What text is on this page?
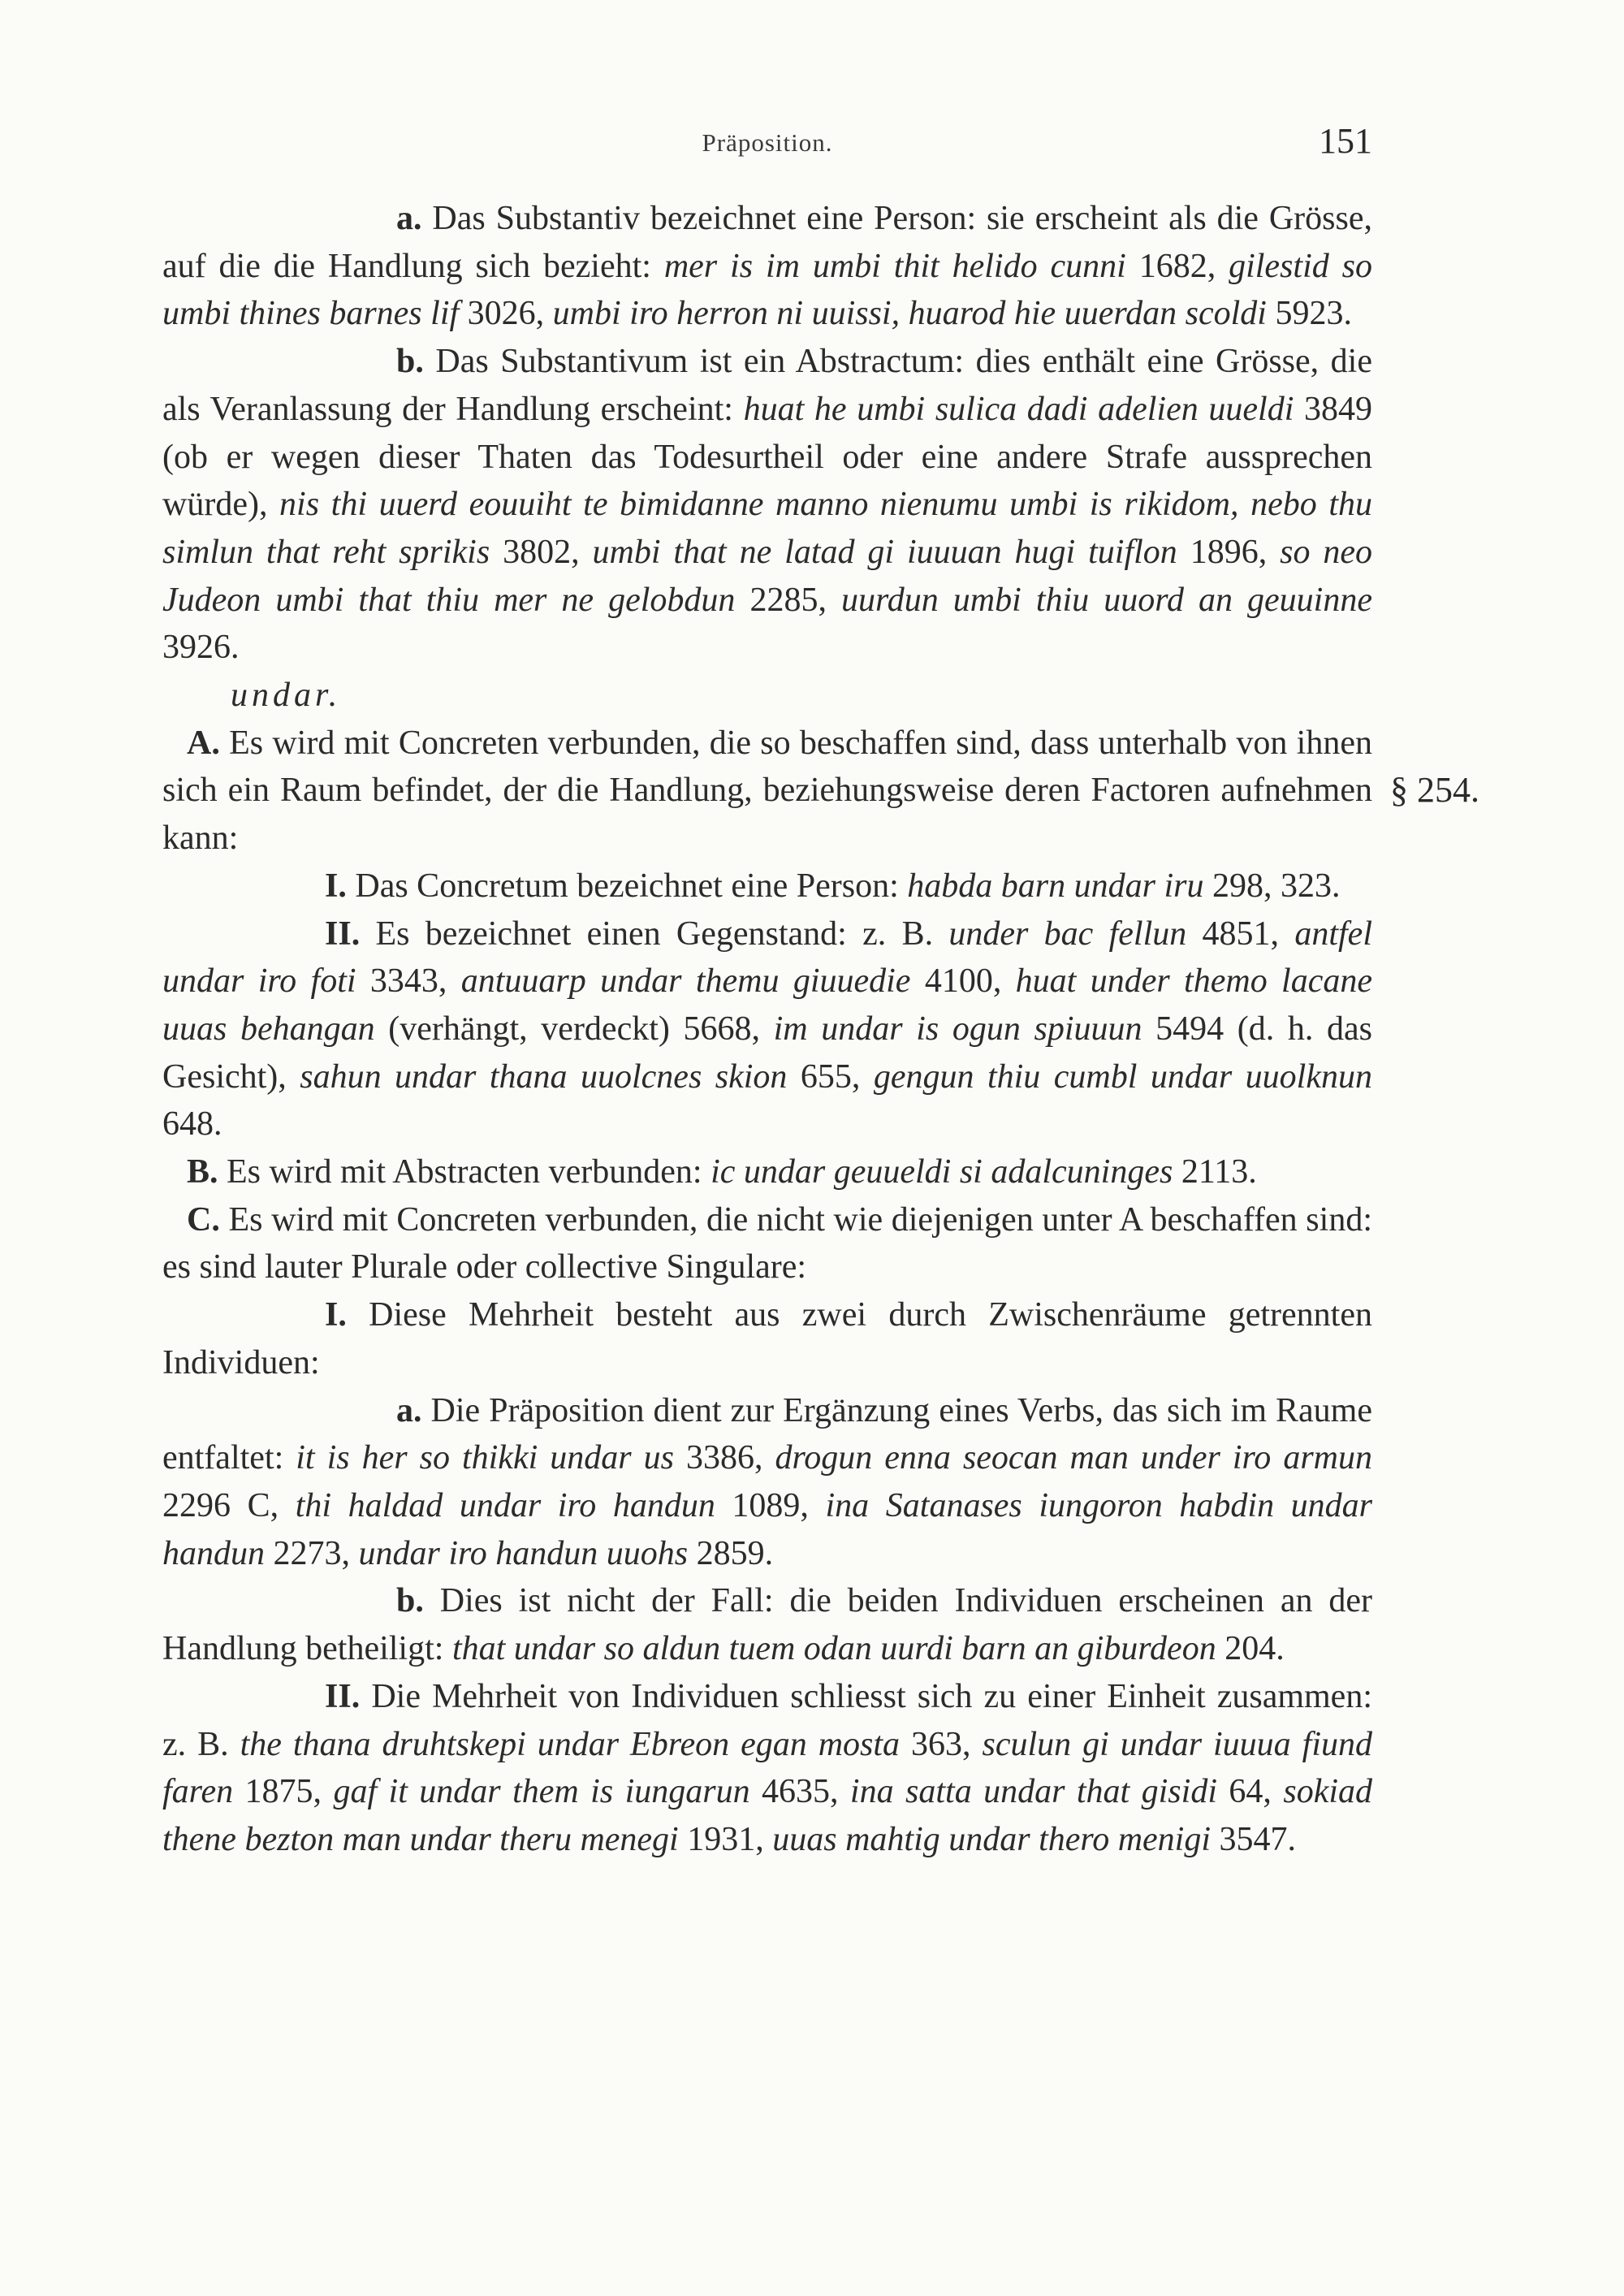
Präposition.	151
§ 254.

a. Das Substantiv bezeichnet eine Person: sie erscheint als die Grösse, auf die die Handlung sich bezieht: mer is im umbi thit helido cunni 1682, gilestid so umbi thines barnes lif 3026, umbi iro herron ni uuissi, huarod hie uuerdan scoldi 5923.

b. Das Substantivum ist ein Abstractum: dies enthält eine Grösse, die als Veranlassung der Handlung erscheint: huat he umbi sulica dadi adelien uueldi 3849 (ob er wegen dieser Thaten das Todesurtheil oder eine andere Strafe aussprechen würde), nis thi uuerd eouuiht te bimidanne manno nienumu umbi is rikidom, nebo thu simlun that reht sprikis 3802, umbi that ne latad gi iuuuan hugi tuiflon 1896, so neo Judeon umbi that thiu mer ne gelobdun 2285, uurdun umbi thiu uuord an geuuinne 3926.

undar.

A. Es wird mit Concreten verbunden, die so beschaffen sind, dass unterhalb von ihnen sich ein Raum befindet, der die Handlung, beziehungsweise deren Factoren aufnehmen kann:

I. Das Concretum bezeichnet eine Person: habda barn undar iru 298, 323.

II. Es bezeichnet einen Gegenstand: z. B. under bac fellun 4851, antfel undar iro foti 3343, antuuarp undar themu giuuedie 4100, huat under themo lacane uuas behangan (verhängt, verdeckt) 5668, im undar is ogun spiuuun 5494 (d. h. das Gesicht), sahun undar thana uuolcnes skion 655, gengun thiu cumbl undar uuolknun 648.

B. Es wird mit Abstracten verbunden: ic undar geuueldi si adalcuninges 2113.

C. Es wird mit Concreten verbunden, die nicht wie diejenigen unter A beschaffen sind: es sind lauter Plurale oder collective Singulare:

I. Diese Mehrheit besteht aus zwei durch Zwischenräume getrennten Individuen:

a. Die Präposition dient zur Ergänzung eines Verbs, das sich im Raume entfaltet: it is her so thikki undar us 3386, drogun enna seocan man under iro armun 2296 C, thi haldad undar iro handun 1089, ina Satanases iungoron habdin undar handun 2273, undar iro handun uuohs 2859.

b. Dies ist nicht der Fall: die beiden Individuen erscheinen an der Handlung betheiligt: that undar so aldun tuem odan uurdi barn an giburdeon 204.

II. Die Mehrheit von Individuen schliesst sich zu einer Einheit zusammen: z. B. the thana druhtskepi undar Ebreon egan mosta 363, sculun gi undar iuuua fiund faren 1875, gaf it undar them is iungarun 4635, ina satta undar that gisidi 64, sokiad thene bezton man undar theru menegi 1931, uuas mahtig undar thero menigi 3547.
